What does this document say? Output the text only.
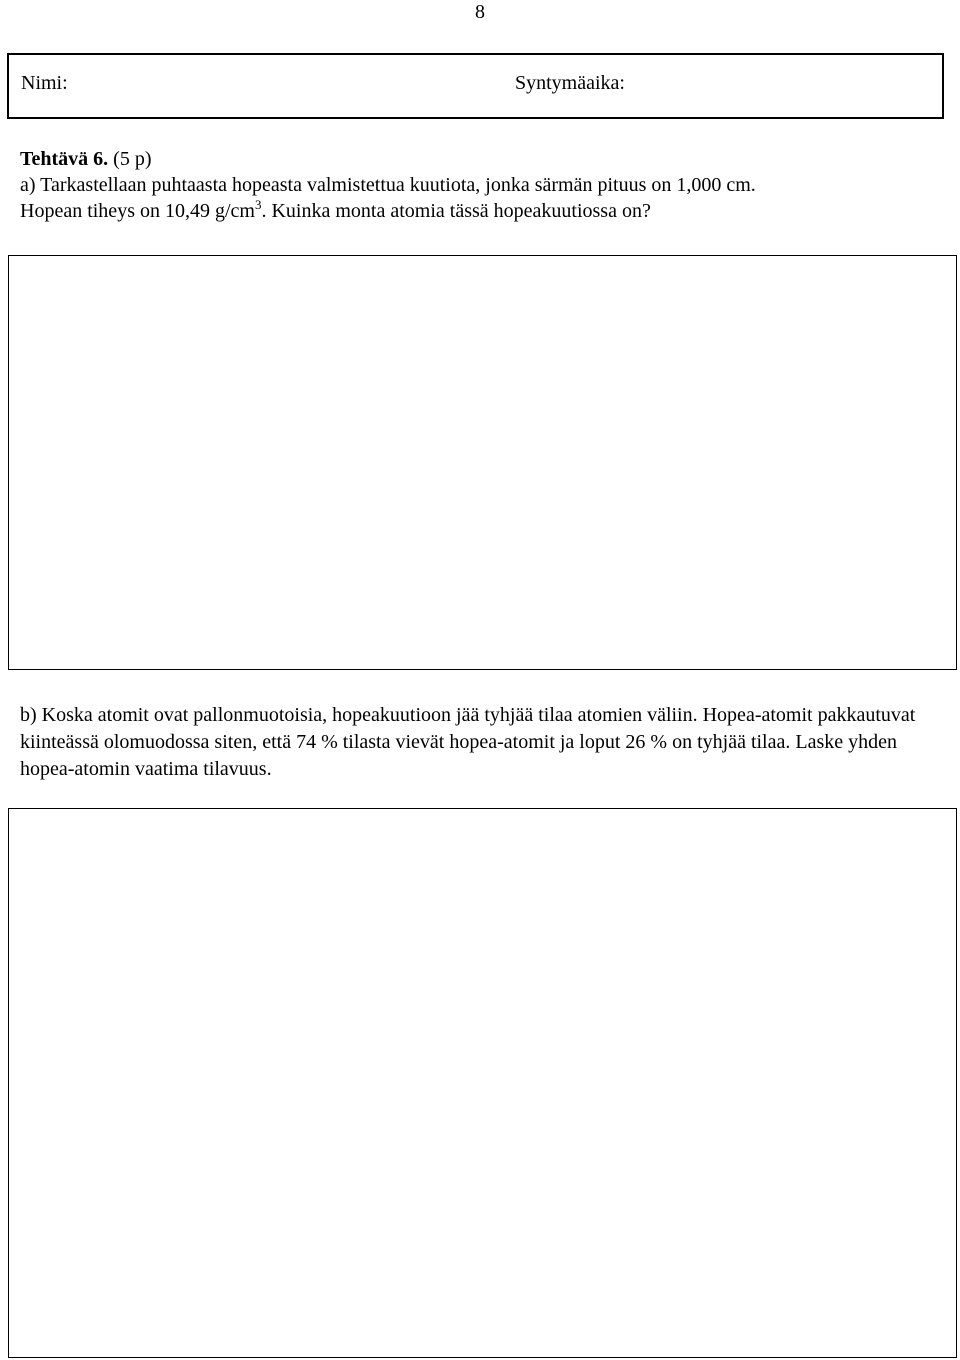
8
Nimi:	Syntymäaika:

Tehtävä 6. (5 p)

a) Tarkastellaan puhtaasta hopeasta valmistettua kuutiota, jonka särmän pituus on 1,000 cm.

Hopean tiheys on 10,49 $g/cm^3$. Kuinka monta atomia tässä hopeakuutiossa on?

b) Koska atomit ovat pallonmuotoisia, hopeakuutioon jää tyhjää tilaa atomien väliin. Hopea-atomit pakkautuvat kiinteässä olomuodossa siten, että 74 % tilasta vievät hopea-atomit ja loput 26 % on tyhjää tilaa. Laske yhden hopea-atomin vaatima tilavuus.
